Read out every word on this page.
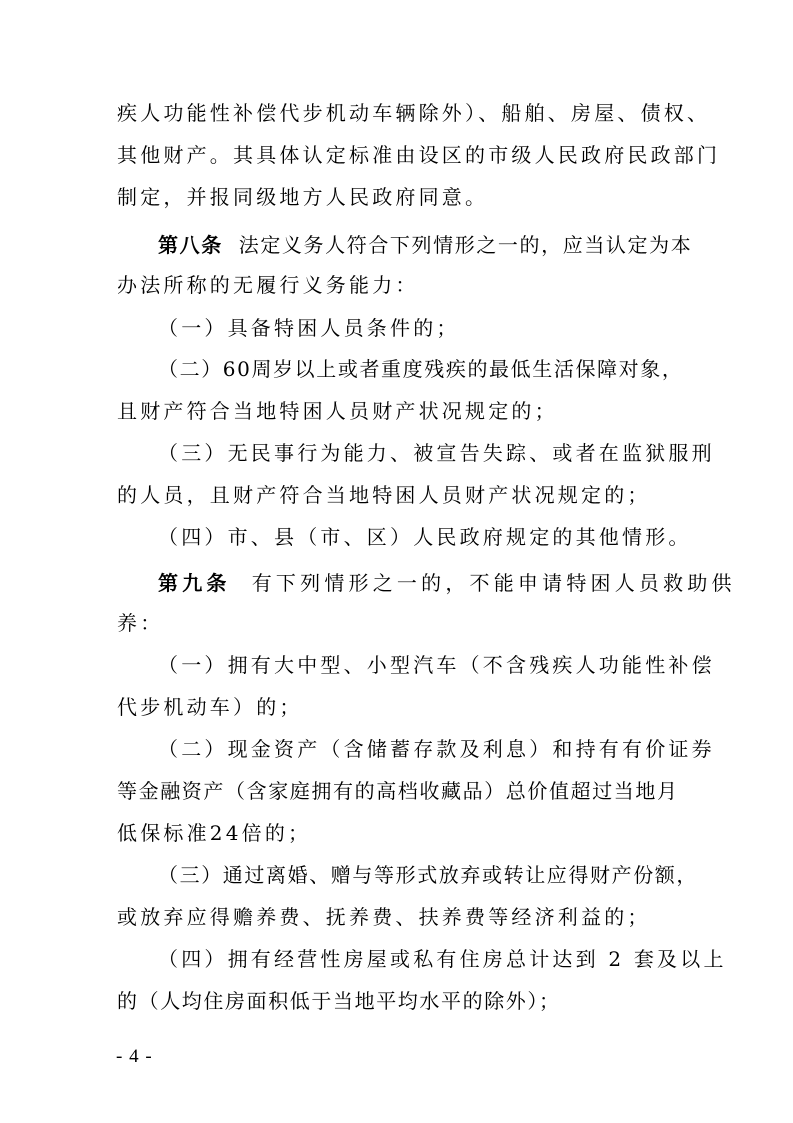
疾人功能性补偿代步机动车辆除外）、船舶、房屋、债权、
其他财产。其具体认定标准由设区的市级人民政府民政部门
制定，并报同级地方人民政府同意。
第八条 法定义务人符合下列情形之一的，应当认定为本
办法所称的无履行义务能力：
（一）具备特困人员条件的；
（二）60周岁以上或者重度残疾的最低生活保障对象，
且财产符合当地特困人员财产状况规定的；
（三）无民事行为能力、被宣告失踪、或者在监狱服刑
的人员，且财产符合当地特困人员财产状况规定的；
（四）市、县（市、区）人民政府规定的其他情形。
第九条 有下列情形之一的，不能申请特困人员救助供
养：
（一）拥有大中型、小型汽车（不含残疾人功能性补偿
代步机动车）的；
（二）现金资产（含储蓄存款及利息）和持有有价证券
等金融资产（含家庭拥有的高档收藏品）总价值超过当地月
低保标准24倍的；
（三）通过离婚、赠与等形式放弃或转让应得财产份额，
或放弃应得赡养费、抚养费、扶养费等经济利益的；
（四）拥有经营性房屋或私有住房总计达到 2 套及以上
的（人均住房面积低于当地平均水平的除外）；
- 4 -
